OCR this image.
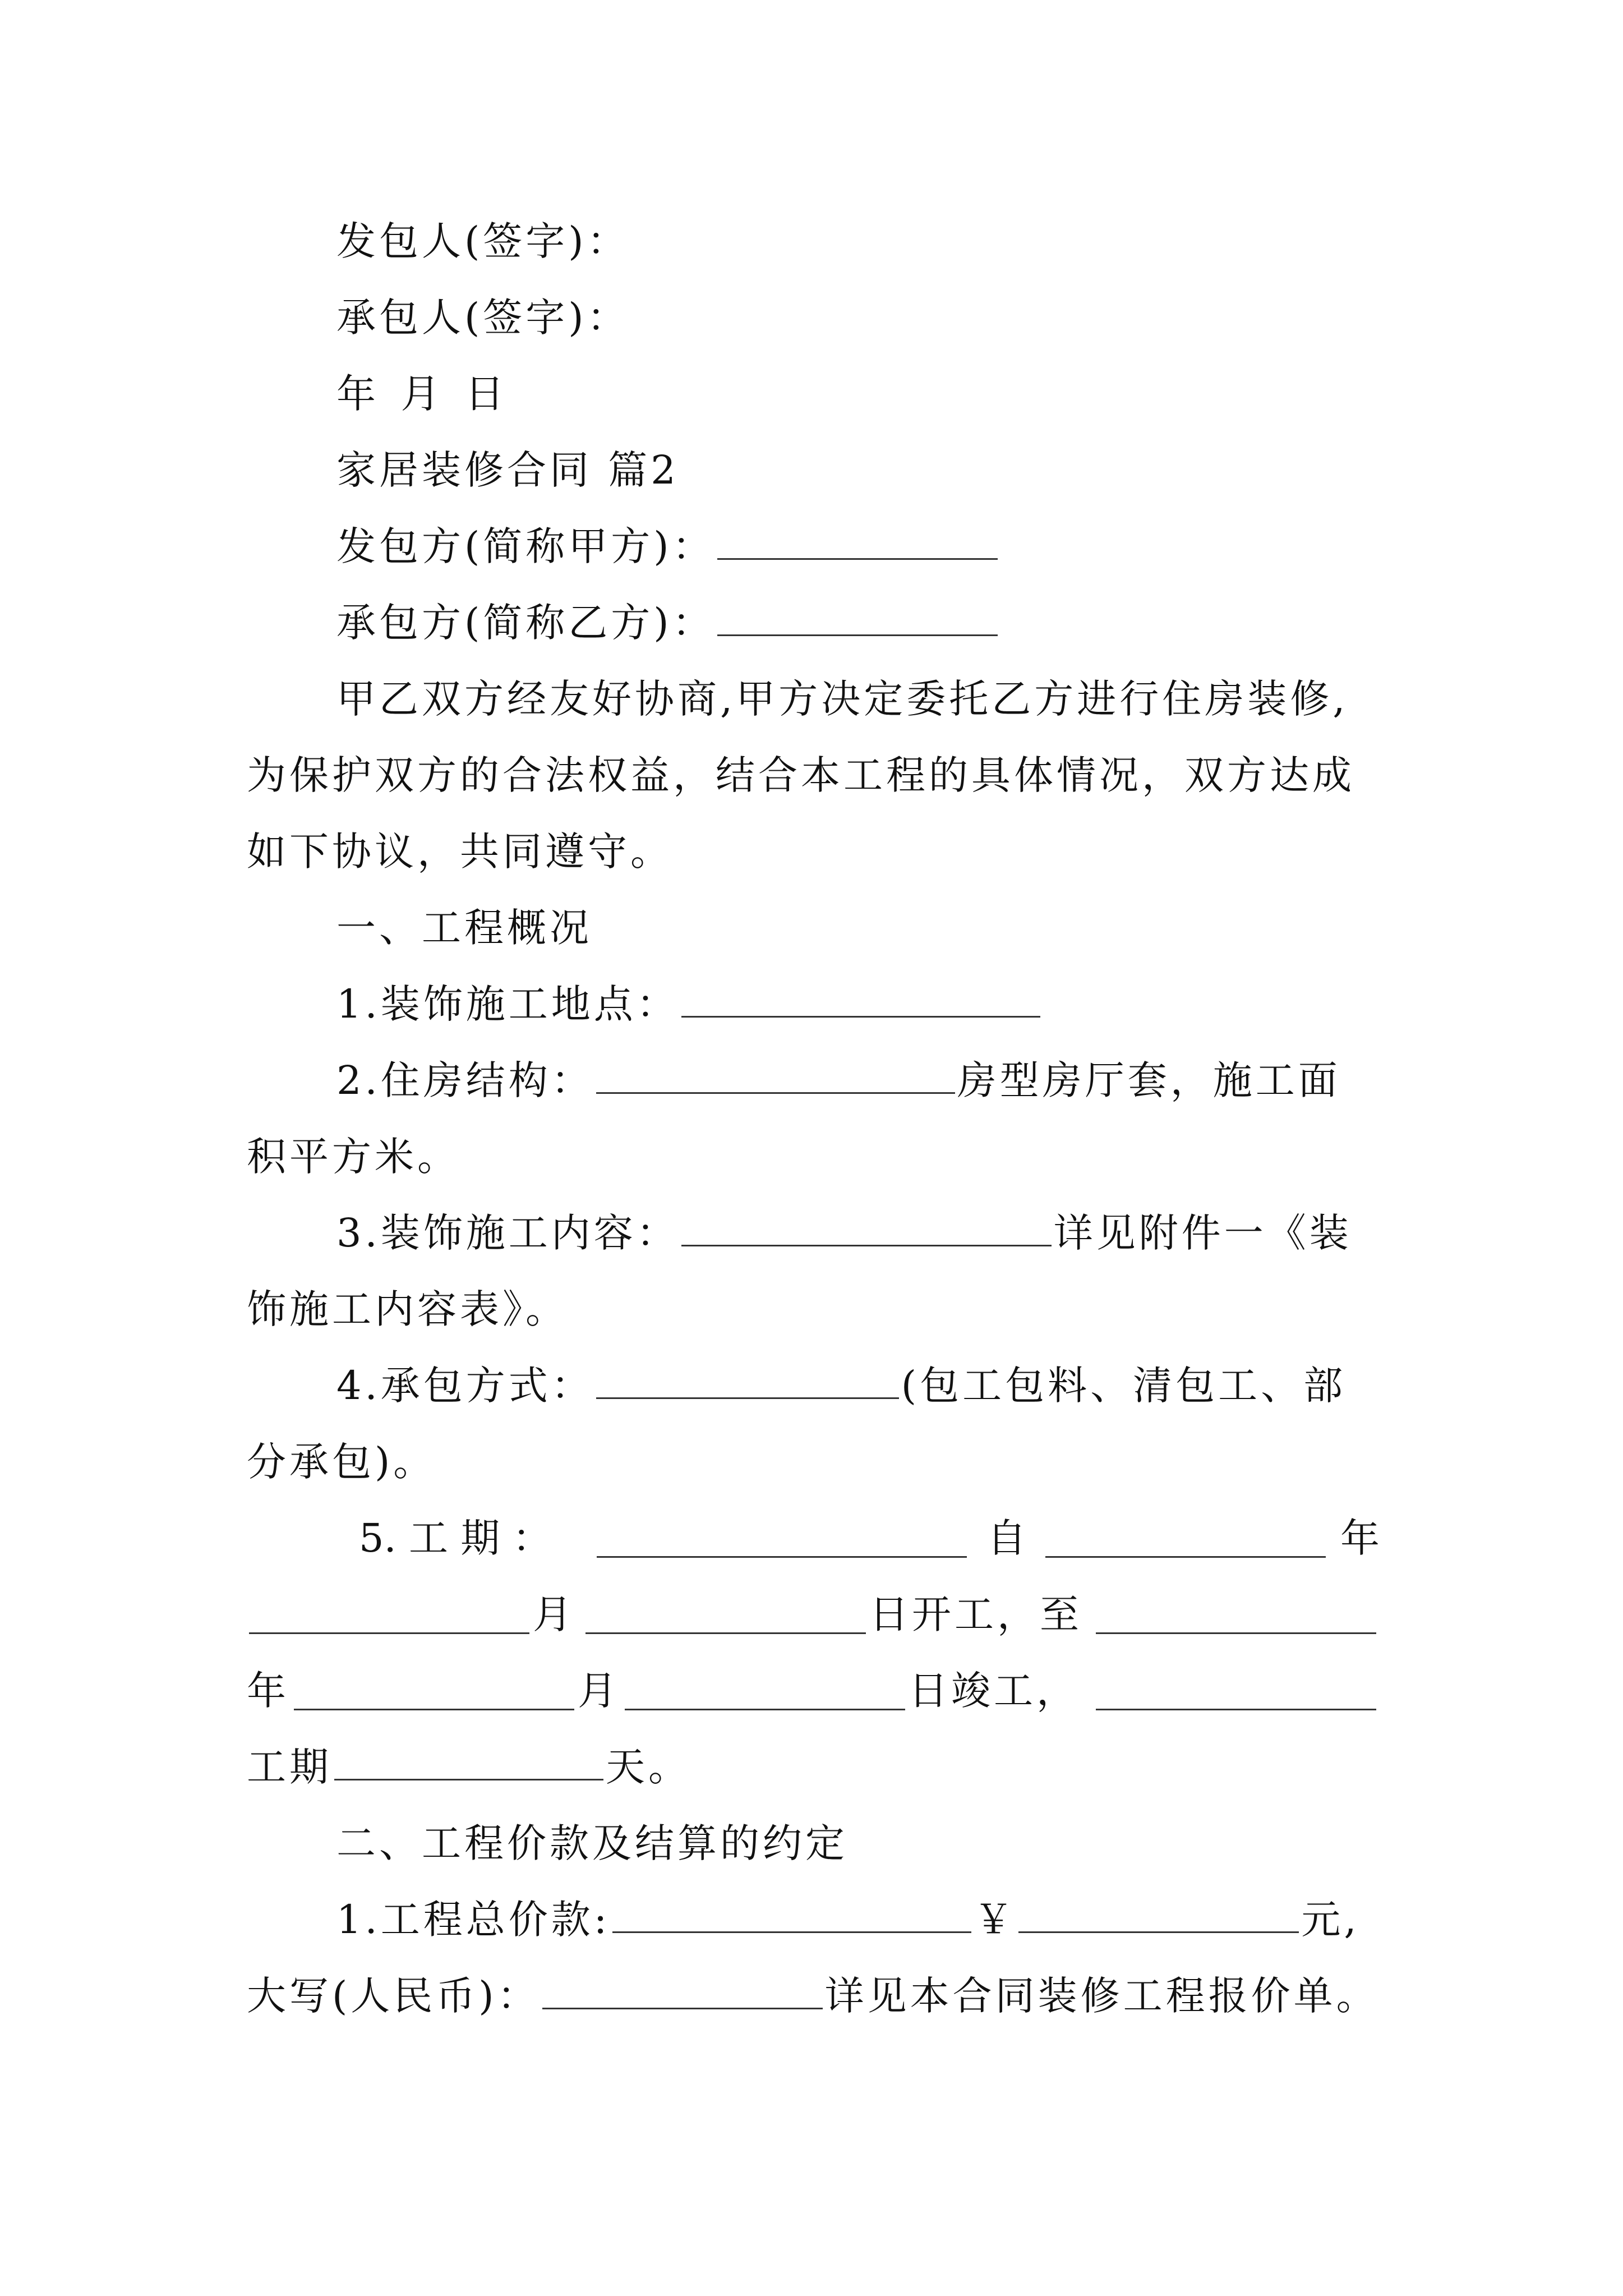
发包人(签字)：
承包人(签字)：
年  月  日
家居装修合同 篇2
发包方(简称甲方)：
承包方(简称乙方)：
甲乙双方经友好协商,甲方决定委托乙方进行住房装修,
为保护双方的合法权益，结合本工程的具体情况，双方达成
如下协议，共同遵守。
一、工程概况
1.装饰施工地点：
2.住房结构：	房型房厅套，施工面
积平方米。
3.装饰施工内容：	详见附件一《装
饰施工内容表》。
4.承包方式：	(包工包料、清包工、部
分承包)。
5. 工 期 ：	自	年
月	日开工，至
年	月	日竣工，
工期	天。
二、工程价款及结算的约定
1.工程总价款:	￥	元,
大写(人民币)：	详见本合同装修工程报价单。
